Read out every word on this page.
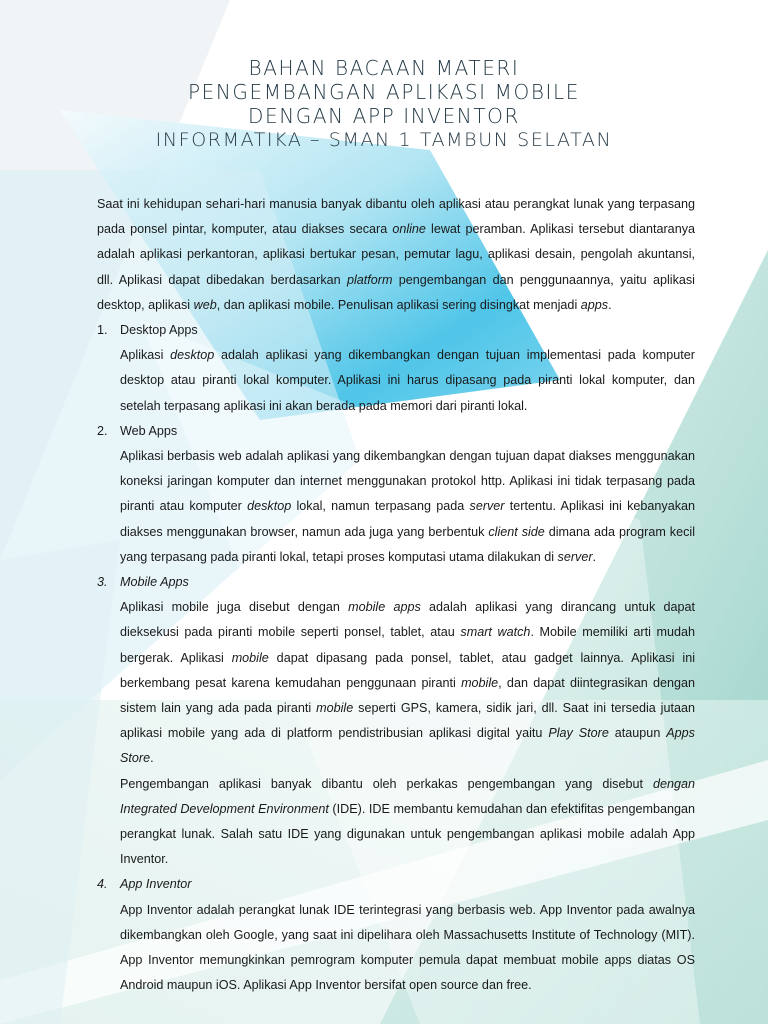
BAHAN BACAAN MATERI
PENGEMBANGAN APLIKASI MOBILE
DENGAN APP INVENTOR
INFORMATIKA – SMAN 1 TAMBUN SELATAN

Saat ini kehidupan sehari-hari manusia banyak dibantu oleh aplikasi atau perangkat lunak yang terpasang pada ponsel pintar, komputer, atau diakses secara online lewat peramban. Aplikasi tersebut diantaranya adalah aplikasi perkantoran, aplikasi bertukar pesan, pemutar lagu, aplikasi desain, pengolah akuntansi, dll. Aplikasi dapat dibedakan berdasarkan platform pengembangan dan penggunaannya, yaitu aplikasi desktop, aplikasi web, dan aplikasi mobile. Penulisan aplikasi sering disingkat menjadi apps.

1. Desktop Apps

Aplikasi desktop adalah aplikasi yang dikembangkan dengan tujuan implementasi pada komputer desktop atau piranti lokal komputer. Aplikasi ini harus dipasang pada piranti lokal komputer, dan setelah terpasang aplikasi ini akan berada pada memori dari piranti lokal.

2. Web Apps

Aplikasi berbasis web adalah aplikasi yang dikembangkan dengan tujuan dapat diakses menggunakan koneksi jaringan komputer dan internet menggunakan protokol http. Aplikasi ini tidak terpasang pada piranti atau komputer desktop lokal, namun terpasang pada server tertentu. Aplikasi ini kebanyakan diakses menggunakan browser, namun ada juga yang berbentuk client side dimana ada program kecil yang terpasang pada piranti lokal, tetapi proses komputasi utama dilakukan di server.

3. Mobile Apps

Aplikasi mobile juga disebut dengan mobile apps adalah aplikasi yang dirancang untuk dapat dieksekusi pada piranti mobile seperti ponsel, tablet, atau smart watch. Mobile memiliki arti mudah bergerak. Aplikasi mobile dapat dipasang pada ponsel, tablet, atau gadget lainnya. Aplikasi ini berkembang pesat karena kemudahan penggunaan piranti mobile, dan dapat diintegrasikan dengan sistem lain yang ada pada piranti mobile seperti GPS, kamera, sidik jari, dll. Saat ini tersedia jutaan aplikasi mobile yang ada di platform pendistribusian aplikasi digital yaitu Play Store ataupun Apps Store.

Pengembangan aplikasi banyak dibantu oleh perkakas pengembangan yang disebut dengan Integrated Development Environment (IDE). IDE membantu kemudahan dan efektifitas pengembangan perangkat lunak. Salah satu IDE yang digunakan untuk pengembangan aplikasi mobile adalah App Inventor.

4. App Inventor

App Inventor adalah perangkat lunak IDE terintegrasi yang berbasis web. App Inventor pada awalnya dikembangkan oleh Google, yang saat ini dipelihara oleh Massachusetts Institute of Technology (MIT). App Inventor memungkinkan pemrogram komputer pemula dapat membuat mobile apps diatas OS Android maupun iOS. Aplikasi App Inventor bersifat open source dan free.
